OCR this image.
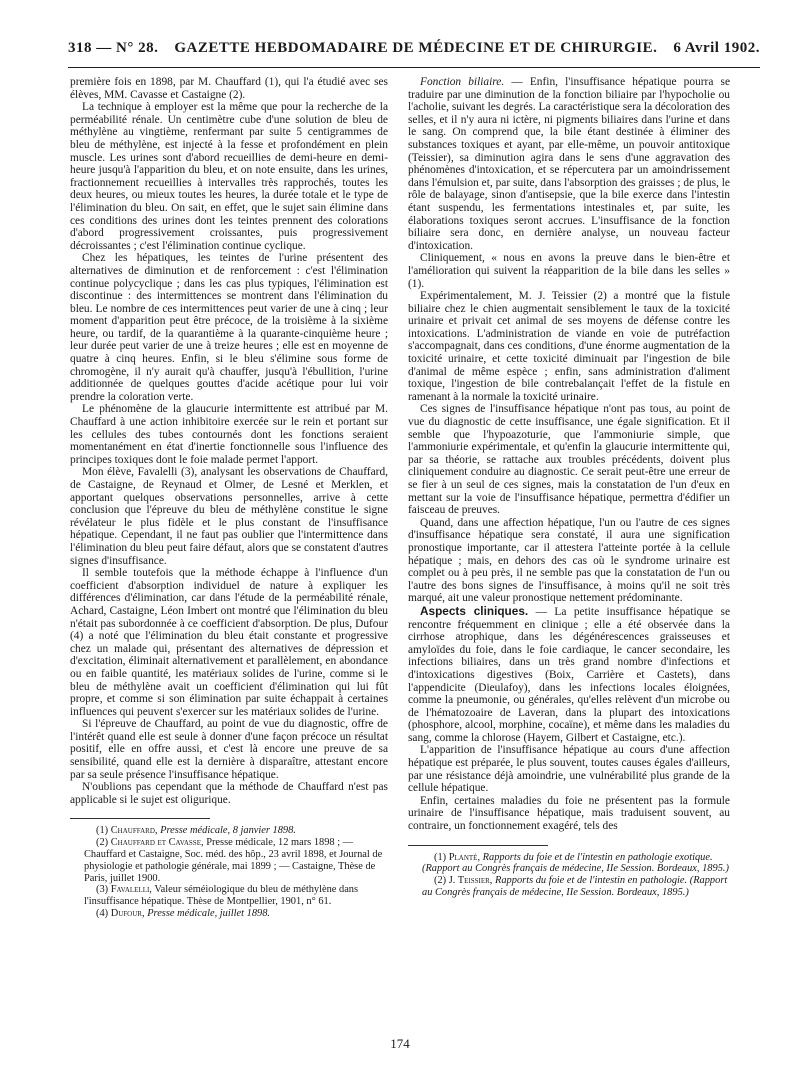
318 — N° 28. GAZETTE HEBDOMADAIRE DE MÉDECINE ET DE CHIRURGIE. 6 Avril 1902.

première fois en 1898, par M. Chauffard (1), qui l'a étudié avec ses élèves, MM. Cavasse et Castaigne (2).

La technique à employer est la même que pour la recherche de la perméabilité rénale. Un centimètre cube d'une solution de bleu de méthylène au vingtième, renfermant par suite 5 centigrammes de bleu de méthylène, est injecté à la fesse et profondément en plein muscle. Les urines sont d'abord recueillies de demi-heure en demi-heure jusqu'à l'apparition du bleu, et on note ensuite, dans les urines, fractionnement recueillies à intervalles très rapprochés, toutes les deux heures, ou mieux toutes les heures, la durée totale et le type de l'élimination du bleu. On sait, en effet, que le sujet sain élimine dans ces conditions des urines dont les teintes prennent des colorations d'abord progressivement croissantes, puis progressivement décroissantes ; c'est l'élimination continue cyclique.

Chez les hépatiques, les teintes de l'urine présentent des alternatives de diminution et de renforcement : c'est l'élimination continue polycyclique ; dans les cas plus typiques, l'élimination est discontinue : des intermittences se montrent dans l'élimination du bleu. Le nombre de ces intermittences peut varier de une à cinq ; leur moment d'apparition peut être précoce, de la troisième à la sixième heure, ou tardif, de la quarantième à la quarante-cinquième heure ; leur durée peut varier de une à treize heures ; elle est en moyenne de quatre à cinq heures. Enfin, si le bleu s'élimine sous forme de chromogène, il n'y aurait qu'à chauffer, jusqu'à l'ébullition, l'urine additionnée de quelques gouttes d'acide acétique pour lui voir prendre la coloration verte.

Le phénomène de la glaucurie intermittente est attribué par M. Chauffard à une action inhibitoire exercée sur le rein et portant sur les cellules des tubes contournés dont les fonctions seraient momentanément en état d'inertie fonctionnelle sous l'influence des principes toxiques dont le foie malade permet l'apport.

Mon élève, Favalelli (3), analysant les observations de Chauffard, de Castaigne, de Reynaud et Olmer, de Lesné et Merklen, et apportant quelques observations personnelles, arrive à cette conclusion que l'épreuve du bleu de méthylène constitue le signe révélateur le plus fidèle et le plus constant de l'insuffisance hépatique. Cependant, il ne faut pas oublier que l'intermittence dans l'élimination du bleu peut faire défaut, alors que se constatent d'autres signes d'insuffisance.

Il semble toutefois que la méthode échappe à l'influence d'un coefficient d'absorption individuel de nature à expliquer les différences d'élimination, car dans l'étude de la perméabilité rénale, Achard, Castaigne, Léon Imbert ont montré que l'élimination du bleu n'était pas subordonnée à ce coefficient d'absorption. De plus, Dufour (4) a noté que l'élimination du bleu était constante et progressive chez un malade qui, présentant des alternatives de dépression et d'excitation, éliminait alternativement et parallèlement, en abondance ou en faible quantité, les matériaux solides de l'urine, comme si le bleu de méthylène avait un coefficient d'élimination qui lui fût propre, et comme si son élimination par suite échappait à certaines influences qui peuvent s'exercer sur les matériaux solides de l'urine.

Si l'épreuve de Chauffard, au point de vue du diagnostic, offre de l'intérêt quand elle est seule à donner d'une façon précoce un résultat positif, elle en offre aussi, et c'est là encore une preuve de sa sensibilité, quand elle est la dernière à disparaître, attestant encore par sa seule présence l'insuffisance hépatique.

N'oublions pas cependant que la méthode de Chauffard n'est pas applicable si le sujet est oligurique.

(1) Chauffard, Presse médicale, 8 janvier 1898.

(2) Chauffard et Cavasse, Presse médicale, 12 mars 1898 ; — Chauffard et Castaigne, Soc. méd. des hôp., 23 avril 1898, et Journal de physiologie et pathologie générale, mai 1899 ; — Castaigne, Thèse de Paris, juillet 1900.

(3) Favalelli, Valeur séméiologique du bleu de méthylène dans l'insuffisance hépatique. Thèse de Montpellier, 1901, n° 61.

(4) Dufour, Presse médicale, juillet 1898.

Fonction biliaire. — Enfin, l'insuffisance hépatique pourra se traduire par une diminution de la fonction biliaire par l'hypocholie ou l'acholie, suivant les degrés. La caractéristique sera la décoloration des selles, et il n'y aura ni ictère, ni pigments biliaires dans l'urine et dans le sang. On comprend que, la bile étant destinée à éliminer des substances toxiques et ayant, par elle-même, un pouvoir antitoxique (Teissier), sa diminution agira dans le sens d'une aggravation des phénomènes d'intoxication, et se répercutera par un amoindrissement dans l'émulsion et, par suite, dans l'absorption des graisses ; de plus, le rôle de balayage, sinon d'antisepsie, que la bile exerce dans l'intestin étant suspendu, les fermentations intestinales et, par suite, les élaborations toxiques seront accrues. L'insuffisance de la fonction biliaire sera donc, en dernière analyse, un nouveau facteur d'intoxication.

Cliniquement, « nous en avons la preuve dans le bien-être et l'amélioration qui suivent la réapparition de la bile dans les selles » (1).

Expérimentalement, M. J. Teissier (2) a montré que la fistule biliaire chez le chien augmentait sensiblement le taux de la toxicité urinaire et privait cet animal de ses moyens de défense contre les intoxications. L'administration de viande en voie de putréfaction s'accompagnait, dans ces conditions, d'une énorme augmentation de la toxicité urinaire, et cette toxicité diminuait par l'ingestion de bile d'animal de même espèce ; enfin, sans administration d'aliment toxique, l'ingestion de bile contrebalançait l'effet de la fistule en ramenant à la normale la toxicité urinaire.

Ces signes de l'insuffisance hépatique n'ont pas tous, au point de vue du diagnostic de cette insuffisance, une égale signification. Et il semble que l'hypoazoturie, que l'ammoniurie simple, que l'ammoniurie expérimentale, et qu'enfin la glaucurie intermittente qui, par sa théorie, se rattache aux troubles précédents, doivent plus cliniquement conduire au diagnostic. Ce serait peut-être une erreur de se fier à un seul de ces signes, mais la constatation de l'un d'eux en mettant sur la voie de l'insuffisance hépatique, permettra d'édifier un faisceau de preuves.

Quand, dans une affection hépatique, l'un ou l'autre de ces signes d'insuffisance hépatique sera constaté, il aura une signification pronostique importante, car il attestera l'atteinte portée à la cellule hépatique ; mais, en dehors des cas où le syndrome urinaire est complet ou à peu près, il ne semble pas que la constatation de l'un ou l'autre des bons signes de l'insuffisance, à moins qu'il ne soit très marqué, ait une valeur pronostique nettement prédominante.

Aspects cliniques. — La petite insuffisance hépatique se rencontre fréquemment en clinique ; elle a été observée dans la cirrhose atrophique, dans les dégénérescences graisseuses et amyloïdes du foie, dans le foie cardiaque, le cancer secondaire, les infections biliaires, dans un très grand nombre d'infections et d'intoxications digestives (Boix, Carrière et Castets), dans l'appendicite (Dieulafoy), dans les infections locales éloignées, comme la pneumonie, ou générales, qu'elles relèvent d'un microbe ou de l'hématozoaire de Laveran, dans la plupart des intoxications (phosphore, alcool, morphine, cocaïne), et même dans les maladies du sang, comme la chlorose (Hayem, Gilbert et Castaigne, etc.).

L'apparition de l'insuffisance hépatique au cours d'une affection hépatique est préparée, le plus souvent, toutes causes égales d'ailleurs, par une résistance déjà amoindrie, une vulnérabilité plus grande de la cellule hépatique.

Enfin, certaines maladies du foie ne présentent pas la formule urinaire de l'insuffisance hépatique, mais traduisent souvent, au contraire, un fonctionnement exagéré, tels des

(1) Planté, Rapports du foie et de l'intestin en pathologie exotique. (Rapport au Congrès français de médecine, IIe Session. Bordeaux, 1895.)

(2) J. Teissier, Rapports du foie et de l'intestin en pathologie. (Rapport au Congrès français de médecine, IIe Session. Bordeaux, 1895.)

174
